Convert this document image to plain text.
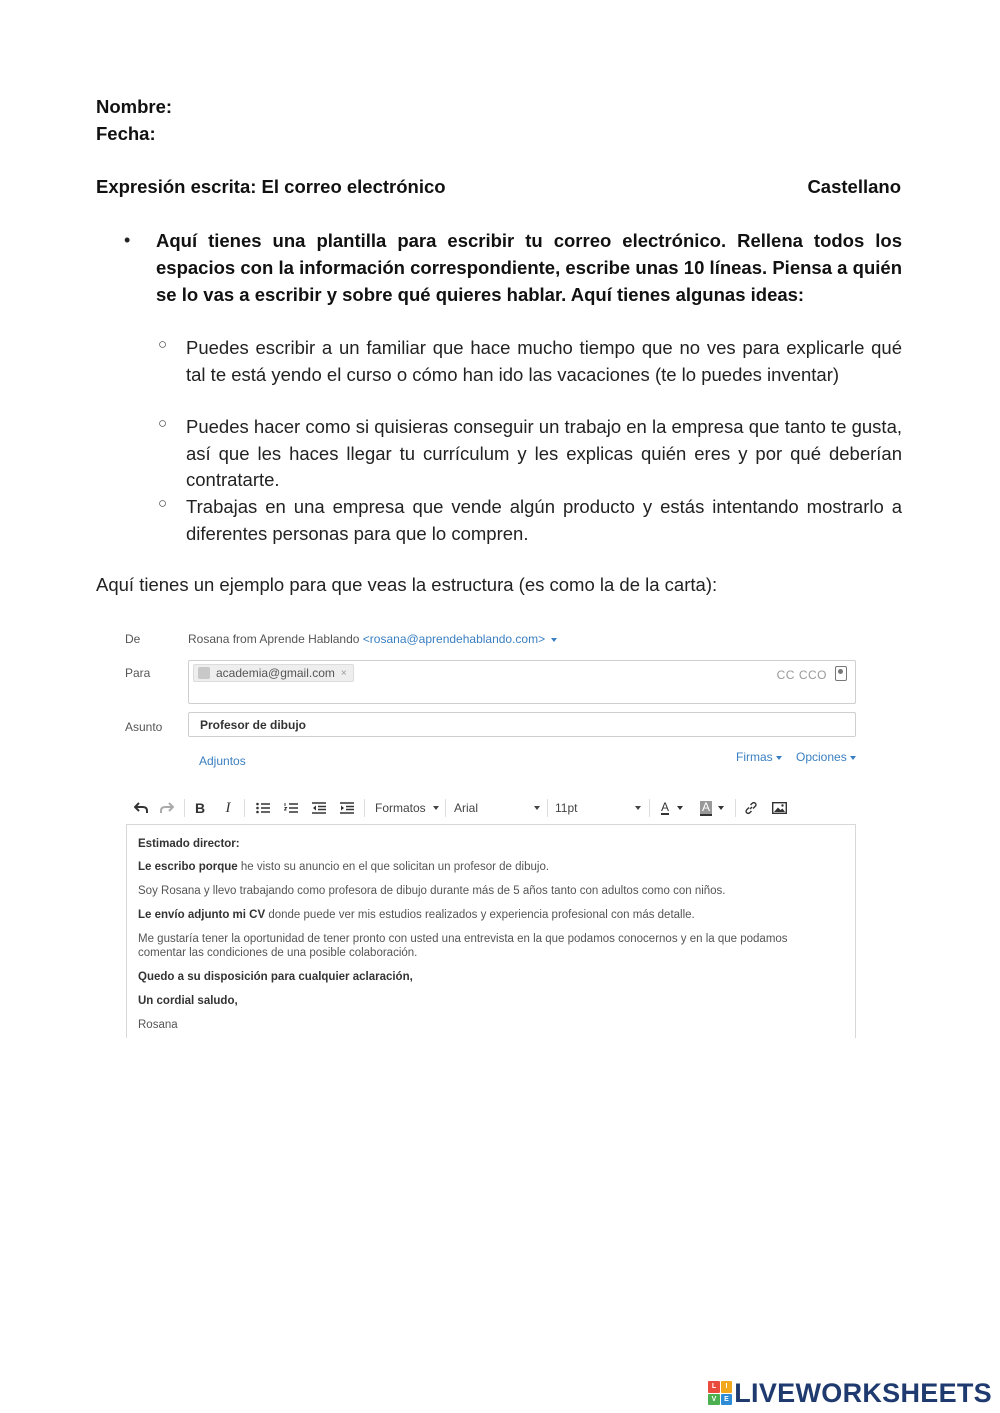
Nombre:
Fecha:
Expresión escrita: El correo electrónico	Castellano
• Aquí tienes una plantilla para escribir tu correo electrónico. Rellena todos los espacios con la información correspondiente, escribe unas 10 líneas. Piensa a quién se lo vas a escribir y sobre qué quieres hablar. Aquí tienes algunas ideas:
○ Puedes escribir a un familiar que hace mucho tiempo que no ves para explicarle qué tal te está yendo el curso o cómo han ido las vacaciones (te lo puedes inventar)
○ Puedes hacer como si quisieras conseguir un trabajo en la empresa que tanto te gusta, así que les haces llegar tu currículum y les explicas quién eres y por qué deberían contratarte.
○ Trabajas en una empresa que vende algún producto y estás intentando mostrarlo a diferentes personas para que lo compren.
Aquí tienes un ejemplo para que veas la estructura (es como la de la carta):
De	Rosana from Aprende Hablando <rosana@aprendehablando.com>
Para	academia@gmail.com ×	CC CCO
Asunto	Profesor de dibujo
Adjuntos	Firmas	Opciones
B	I	Formatos Arial	11pt	A	A
Estimado director:
Le escribo porque he visto su anuncio en el que solicitan un profesor de dibujo.
Soy Rosana y llevo trabajando como profesora de dibujo durante más de 5 años tanto con adultos como con niños.
Le envío adjunto mi CV donde puede ver mis estudios realizados y experiencia profesional con más detalle.
Me gustaría tener la oportunidad de tener pronto con usted una entrevista en la que podamos conocernos y en la que podamos
comentar las condiciones de una posible colaboración.
Quedo a su disposición para cualquier aclaración,
Un cordial saludo,
Rosana
L	I
V	E LIVEWORKSHEETS
